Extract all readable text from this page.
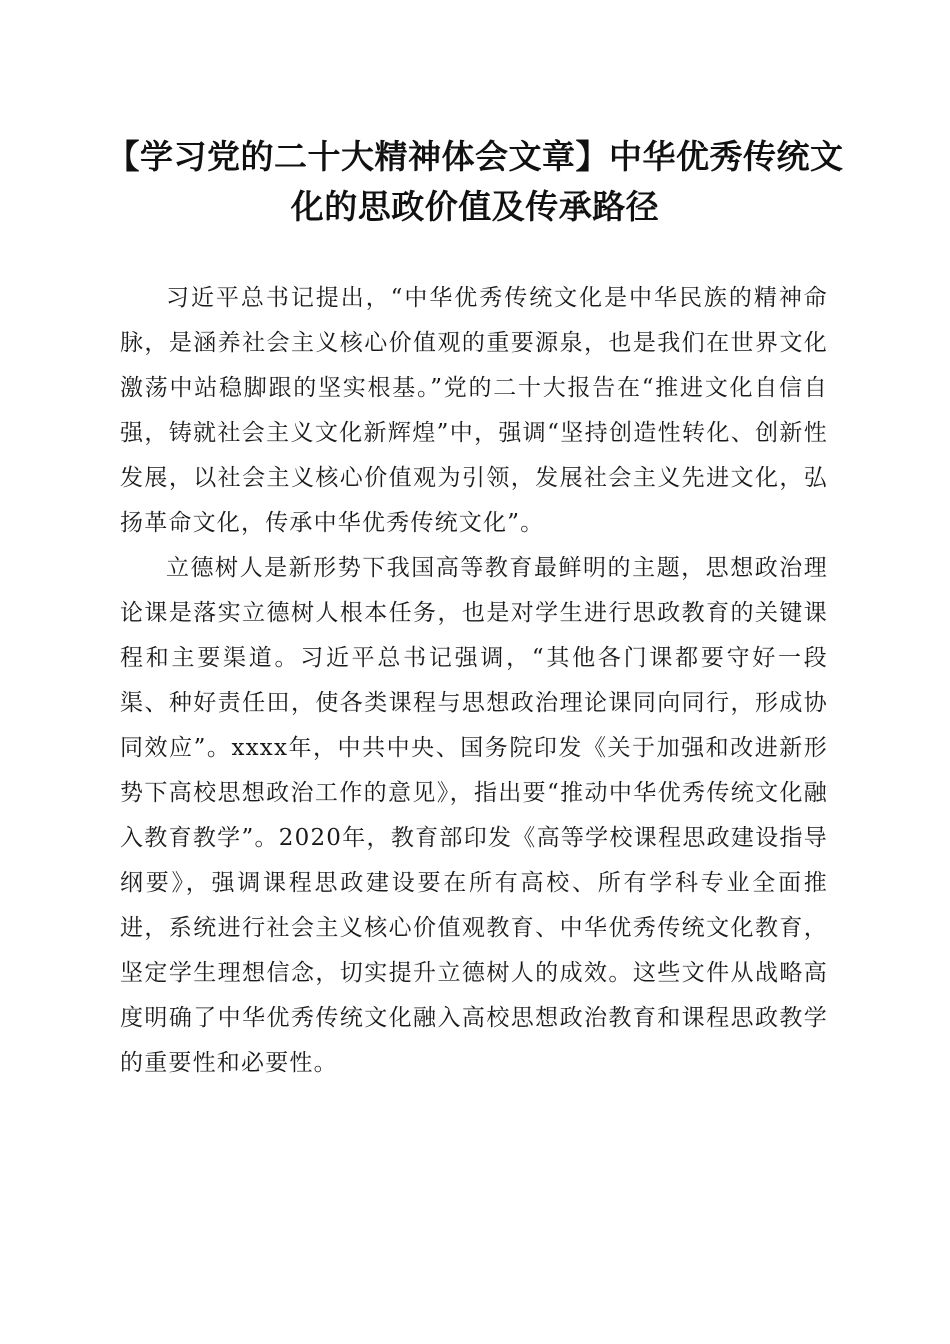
【学习党的二十大精神体会文章】中华优秀传统文化的思政价值及传承路径

习近平总书记提出，“中华优秀传统文化是中华民族的精神命脉，是涵养社会主义核心价值观的重要源泉，也是我们在世界文化激荡中站稳脚跟的坚实根基。”党的二十大报告在“推进文化自信自强，铸就社会主义文化新辉煌”中，强调“坚持创造性转化、创新性发展，以社会主义核心价值观为引领，发展社会主义先进文化，弘扬革命文化，传承中华优秀传统文化”。

立德树人是新形势下我国高等教育最鲜明的主题，思想政治理论课是落实立德树人根本任务，也是对学生进行思政教育的关键课程和主要渠道。习近平总书记强调，“其他各门课都要守好一段渠、种好责任田，使各类课程与思想政治理论课同向同行，形成协同效应”。xxxx年，中共中央、国务院印发《关于加强和改进新形势下高校思想政治工作的意见》，指出要“推动中华优秀传统文化融入教育教学”。2020年，教育部印发《高等学校课程思政建设指导纲要》，强调课程思政建设要在所有高校、所有学科专业全面推进，系统进行社会主义核心价值观教育、中华优秀传统文化教育，坚定学生理想信念，切实提升立德树人的成效。这些文件从战略高度明确了中华优秀传统文化融入高校思想政治教育和课程思政教学的重要性和必要性。
